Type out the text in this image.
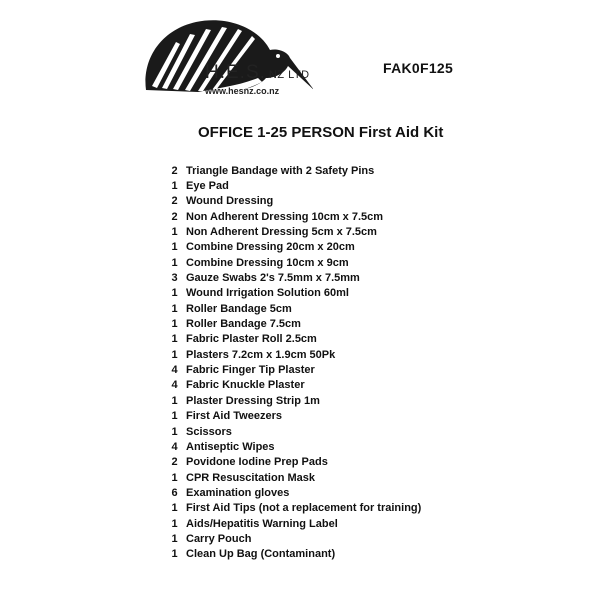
H.E.S. NZ LTD
www.hesnz.co.nz
FAK0F125
OFFICE 1-25 PERSON First Aid Kit
2 Triangle Bandage with 2 Safety Pins
1 Eye Pad
2 Wound Dressing
2 Non Adherent Dressing 10cm x 7.5cm
1 Non Adherent Dressing 5cm x 7.5cm
1 Combine Dressing 20cm x 20cm
1 Combine Dressing 10cm x 9cm
3 Gauze Swabs 2's 7.5mm x 7.5mm
1 Wound Irrigation Solution 60ml
1 Roller Bandage 5cm
1 Roller Bandage 7.5cm
1 Fabric Plaster Roll 2.5cm
1 Plasters 7.2cm x 1.9cm 50Pk
4 Fabric Finger Tip Plaster
4 Fabric Knuckle Plaster
1 Plaster Dressing Strip 1m
1 First Aid Tweezers
1 Scissors
4 Antiseptic Wipes
2 Povidone Iodine Prep Pads
1 CPR Resuscitation Mask
6 Examination gloves
1 First Aid Tips (not a replacement for training)
1 Aids/Hepatitis Warning Label
1 Carry Pouch
1 Clean Up Bag (Contaminant)
